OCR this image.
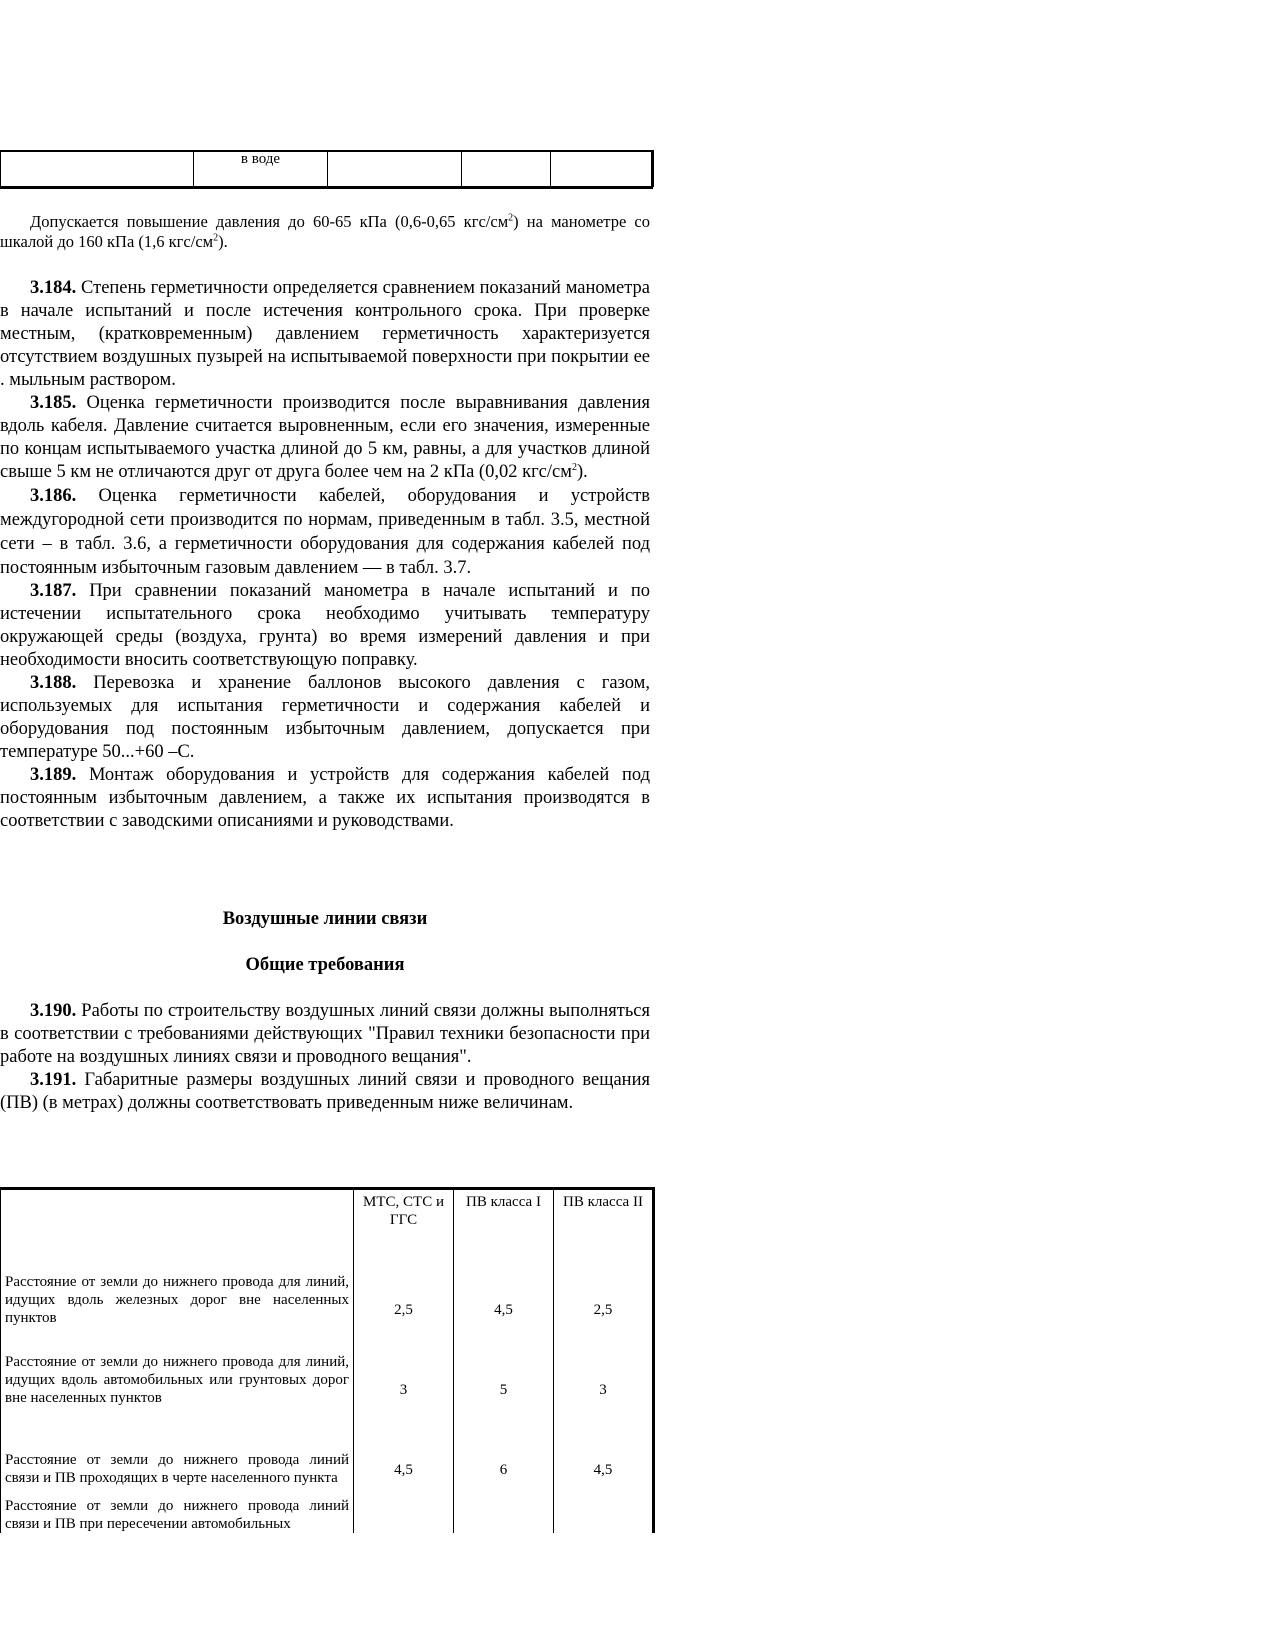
	в воде			

Допускается повышение давления до 60-65 кПа (0,6-0,65 кгс/$см^2$) на манометре со шкалой до 160 кПа (1,6 кгс/$см^2$).

3.184. Степень герметичности определяется сравнением показаний манометра в начале испытаний и после истечения контрольного срока. При проверке местным, (кратковременным) давлением герметичность характеризуется отсутствием воздушных пузырей на испытываемой поверхности при покрытии ее . мыльным раствором.

3.185. Оценка герметичности производится после выравнивания давления вдоль кабеля. Давление считается выровненным, если его значения, измеренные по концам испытываемого участка длиной до 5 км, равны, а для участков длиной свыше 5 км не отличаются друг от друга более чем на 2 кПа (0,02 кгс/$см^2$).

3.186. Оценка герметичности кабелей, оборудования и устройств междугородной сети производится по нормам, приведенным в табл. 3.5, местной сети – в табл. 3.6, а герметичности оборудования для содержания кабелей под постоянным избыточным газовым давлением — в табл. 3.7.

3.187. При сравнении показаний манометра в начале испытаний и по истечении испытательного срока необходимо учитывать температуру окружающей среды (воздуха, грунта) во время измерений давления и при необходимости вносить соответствующую поправку.

3.188. Перевозка и хранение баллонов высокого давления с газом, используемых для испытания герметичности и содержания кабелей и оборудования под постоянным избыточным давлением, допускается при температуре 50...+60 –С.

3.189. Монтаж оборудования и устройств для содержания кабелей под постоянным избыточным давлением, а также их испытания производятся в соответствии с заводскими описаниями и руководствами.

Воздушные линии связи
Общие требования

3.190. Работы по строительству воздушных линий связи должны выполняться в соответствии с требованиями действующих "Правил техники безопасности при работе на воздушных линиях связи и проводного вещания".

3.191. Габаритные размеры воздушных линий связи и проводного вещания (ПВ) (в метрах) должны соответствовать приведенным ниже величинам.

	МТС, СТС и ГГС	ПВ класса I	ПВ класса II
Расстояние от земли до нижнего провода для линий, идущих вдоль железных дорог вне населенных пунктов	2,5	4,5	2,5
Расстояние от земли до нижнего провода для линий, идущих вдоль автомобильных или грунтовых дорог вне населенных пунктов	3	5	3
Расстояние от земли до нижнего провода линий связи и ПВ проходящих в черте населенного пункта	4,5	6	4,5
Расстояние от земли до нижнего провода линий связи и ПВ при пересечении автомобильных			
